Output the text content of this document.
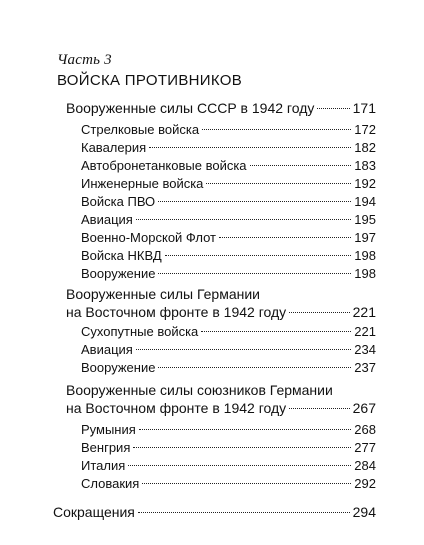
Часть 3
ВОЙСКА ПРОТИВНИКОВ
Вооруженные силы СССР в 1942 году	171
Стрелковые войска	172
Кавалерия	182
Автобронетанковые войска	183
Инженерные войска	192
Войска ПВО	194
Авиация	195
Военно-Морской Флот	197
Войска НКВД	198
Вооружение	198
Вооруженные силы Германии
на Восточном фронте в 1942 году	221
Сухопутные войска	221
Авиация	234
Вооружение	237
Вооруженные силы союзников Германии
на Восточном фронте в 1942 году	267
Румыния	268
Венгрия	277
Италия	284
Словакия	292
Сокращения	294
